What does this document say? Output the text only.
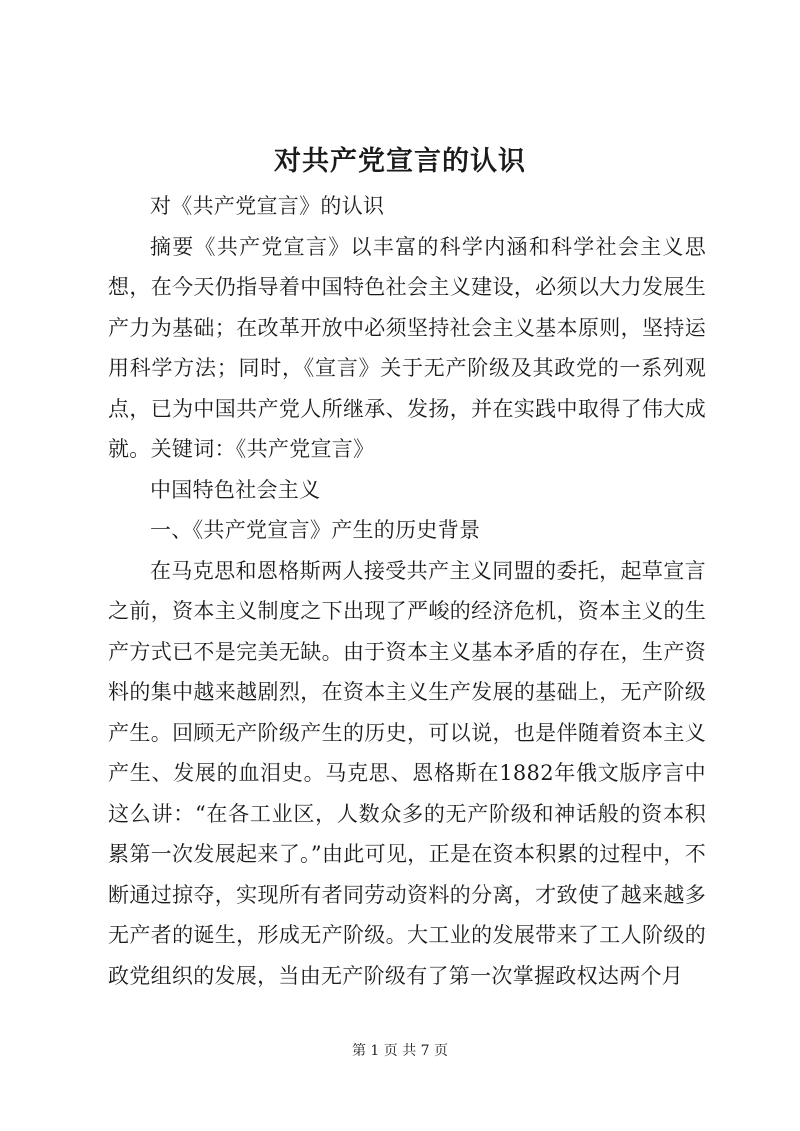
对共产党宣言的认识

对《共产党宣言》的认识

摘要《共产党宣言》以丰富的科学内涵和科学社会主义思想，在今天仍指导着中国特色社会主义建设，必须以大力发展生产力为基础；在改革开放中必须坚持社会主义基本原则，坚持运用科学方法；同时，《宣言》关于无产阶级及其政党的一系列观点，已为中国共产党人所继承、发扬，并在实践中取得了伟大成就。关键词：《共产党宣言》

中国特色社会主义

一、《共产党宣言》产生的历史背景

在马克思和恩格斯两人接受共产主义同盟的委托，起草宣言之前，资本主义制度之下出现了严峻的经济危机，资本主义的生产方式已不是完美无缺。由于资本主义基本矛盾的存在，生产资料的集中越来越剧烈，在资本主义生产发展的基础上，无产阶级产生。回顾无产阶级产生的历史，可以说，也是伴随着资本主义产生、发展的血泪史。马克思、恩格斯在1882年俄文版序言中这么讲：“在各工业区，人数众多的无产阶级和神话般的资本积累第一次发展起来了。”由此可见，正是在资本积累的过程中，不断通过掠夺，实现所有者同劳动资料的分离，才致使了越来越多无产者的诞生，形成无产阶级。大工业的发展带来了工人阶级的政党组织的发展，当由无产阶级有了第一次掌握政权达两个月

第 1 页 共 7 页
